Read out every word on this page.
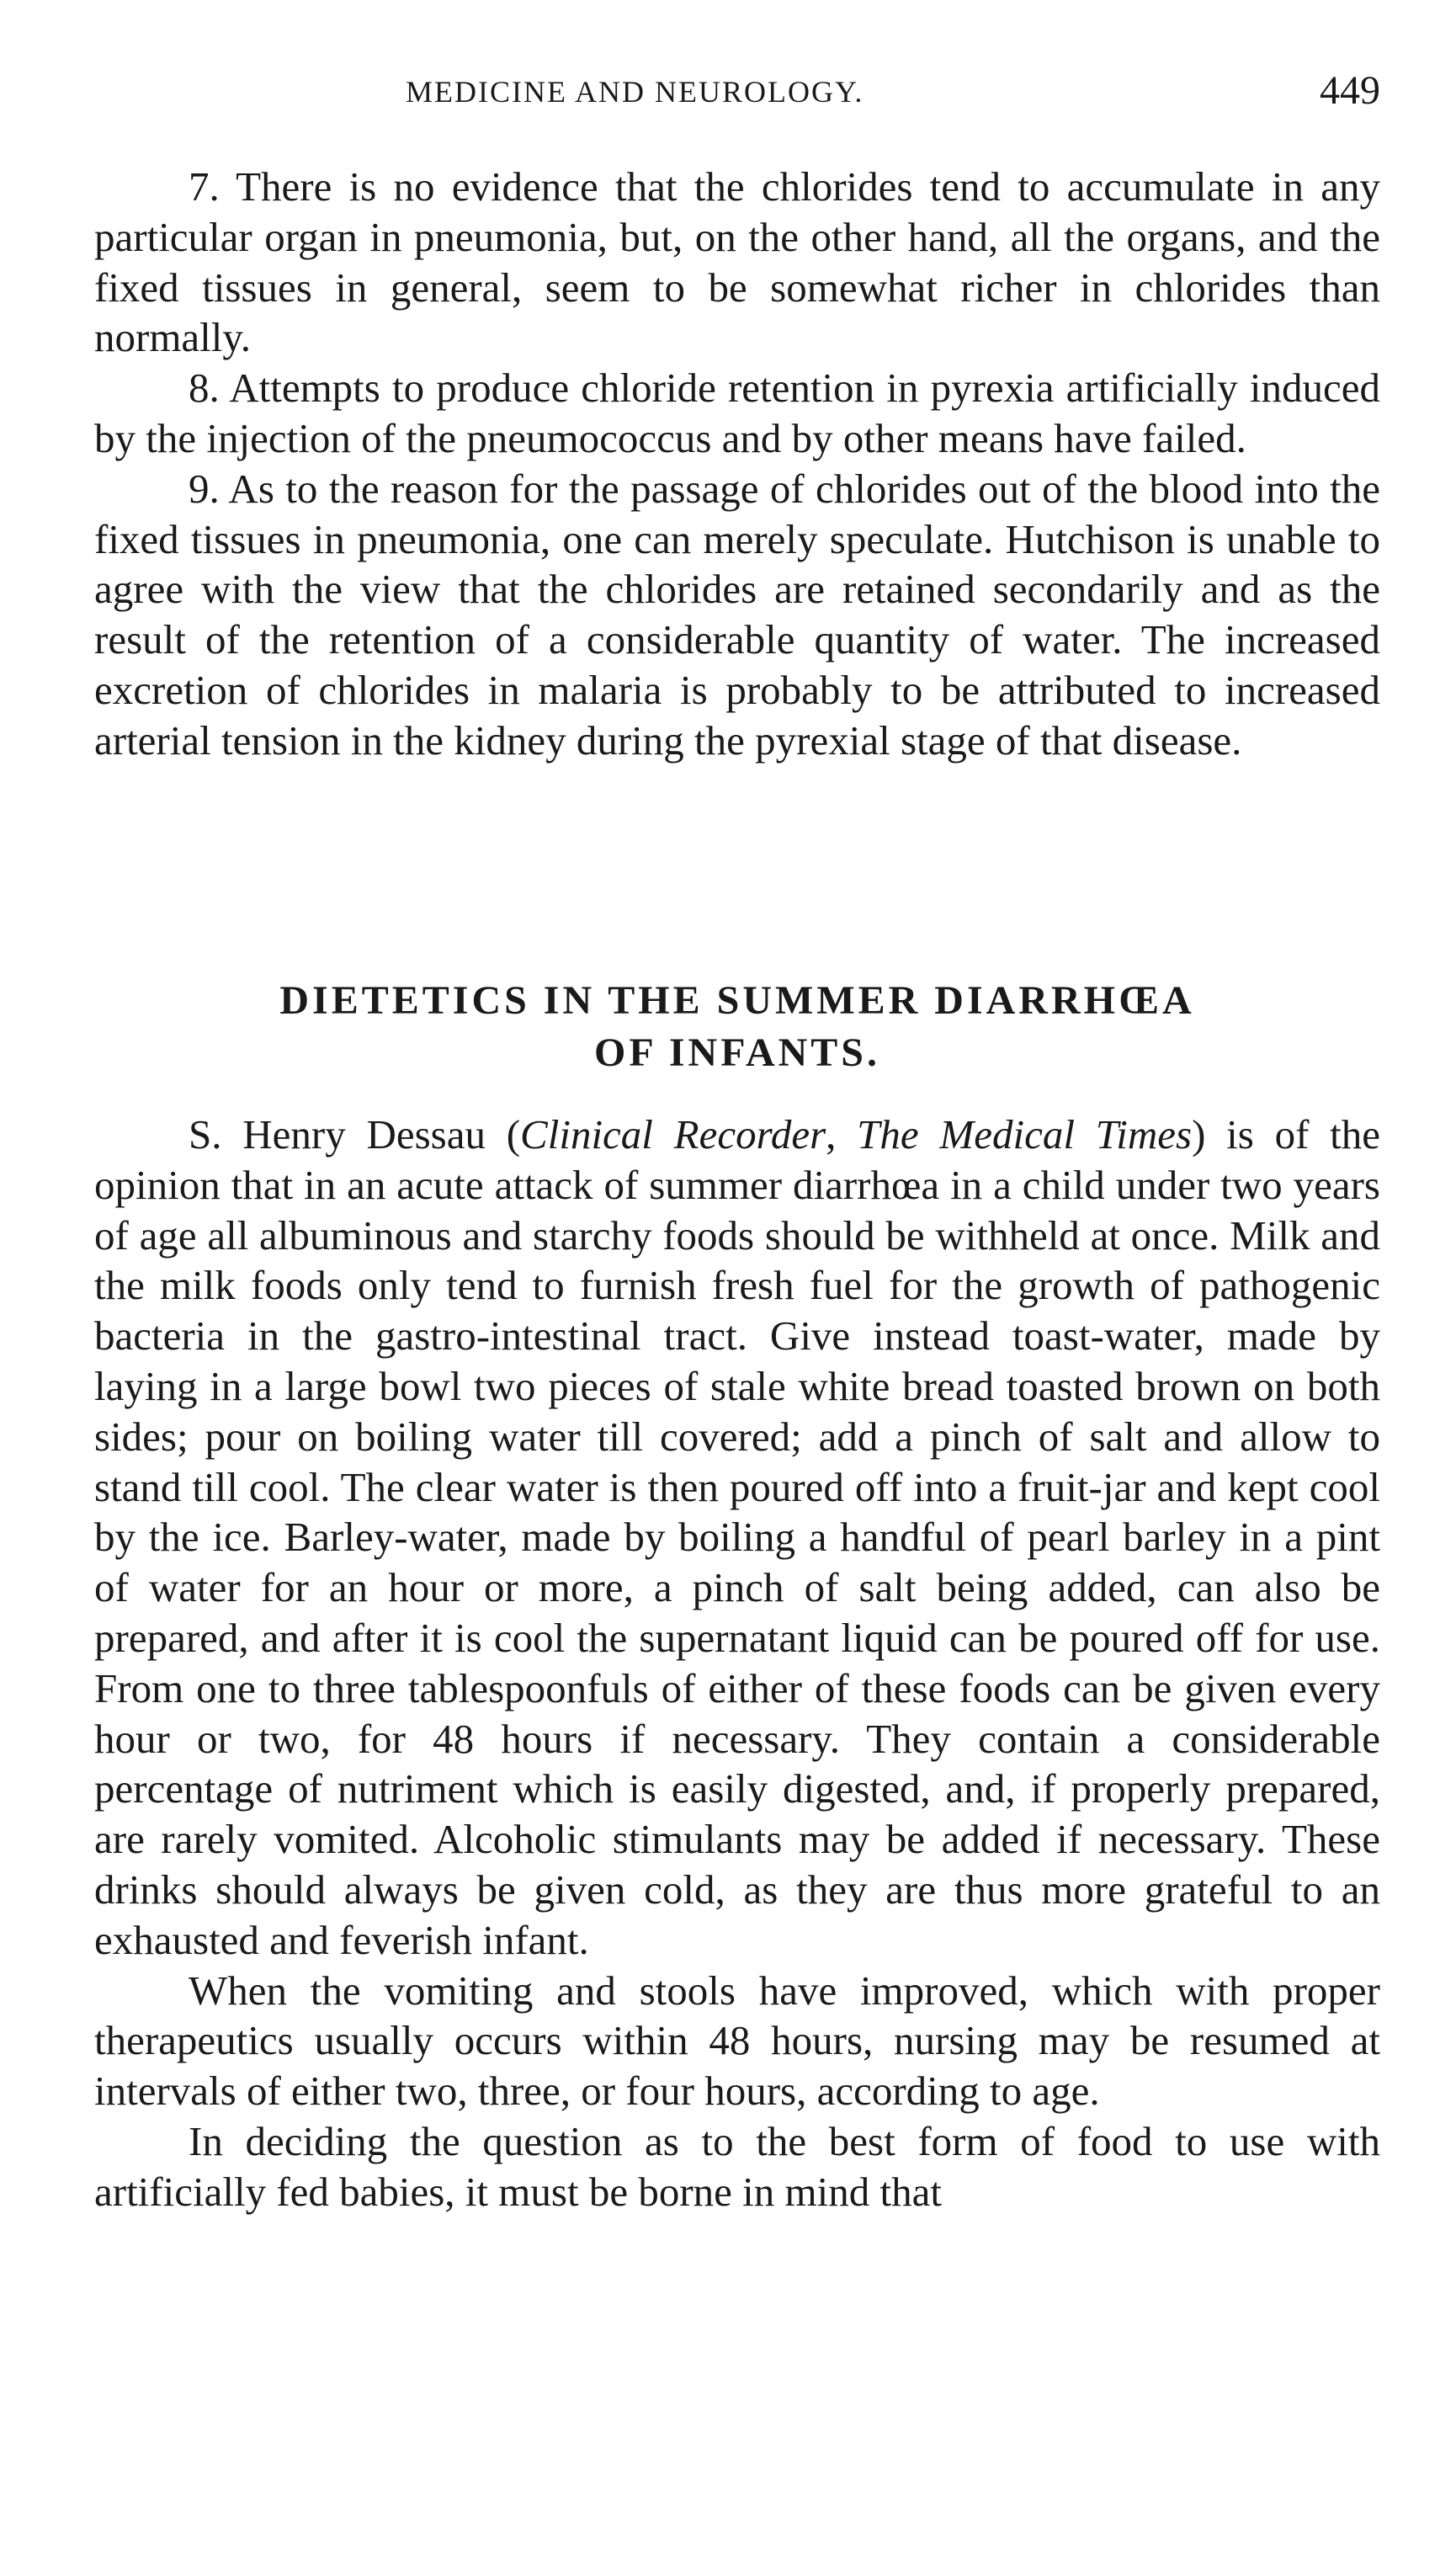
MEDICINE AND NEUROLOGY.	449

7. There is no evidence that the chlorides tend to accumulate in any particular organ in pneumonia, but, on the other hand, all the organs, and the fixed tissues in general, seem to be somewhat richer in chlorides than normally.

8. Attempts to produce chloride retention in pyrexia artificially induced by the injection of the pneumococcus and by other means have failed.

9. As to the reason for the passage of chlorides out of the blood into the fixed tissues in pneumonia, one can merely speculate. Hutchison is unable to agree with the view that the chlorides are retained secondarily and as the result of the retention of a considerable quantity of water. The increased excretion of chlorides in malaria is probably to be attributed to increased arterial tension in the kidney during the pyrexial stage of that disease.

DIETETICS IN THE SUMMER DIARRHŒA
OF INFANTS.

S. Henry Dessau (Clinical Recorder, The Medical Times) is of the opinion that in an acute attack of summer diarrhœa in a child under two years of age all albuminous and starchy foods should be withheld at once. Milk and the milk foods only tend to furnish fresh fuel for the growth of pathogenic bacteria in the gastro-intestinal tract. Give instead toast-water, made by laying in a large bowl two pieces of stale white bread toasted brown on both sides; pour on boiling water till covered; add a pinch of salt and allow to stand till cool. The clear water is then poured off into a fruit-jar and kept cool by the ice. Barley-water, made by boiling a handful of pearl barley in a pint of water for an hour or more, a pinch of salt being added, can also be prepared, and after it is cool the supernatant liquid can be poured off for use. From one to three tablespoonfuls of either of these foods can be given every hour or two, for 48 hours if necessary. They contain a considerable percentage of nutriment which is easily digested, and, if properly prepared, are rarely vomited. Alcoholic stimulants may be added if necessary. These drinks should always be given cold, as they are thus more grateful to an exhausted and feverish infant.

When the vomiting and stools have improved, which with proper therapeutics usually occurs within 48 hours, nursing may be resumed at intervals of either two, three, or four hours, according to age.

In deciding the question as to the best form of food to use with artificially fed babies, it must be borne in mind that
